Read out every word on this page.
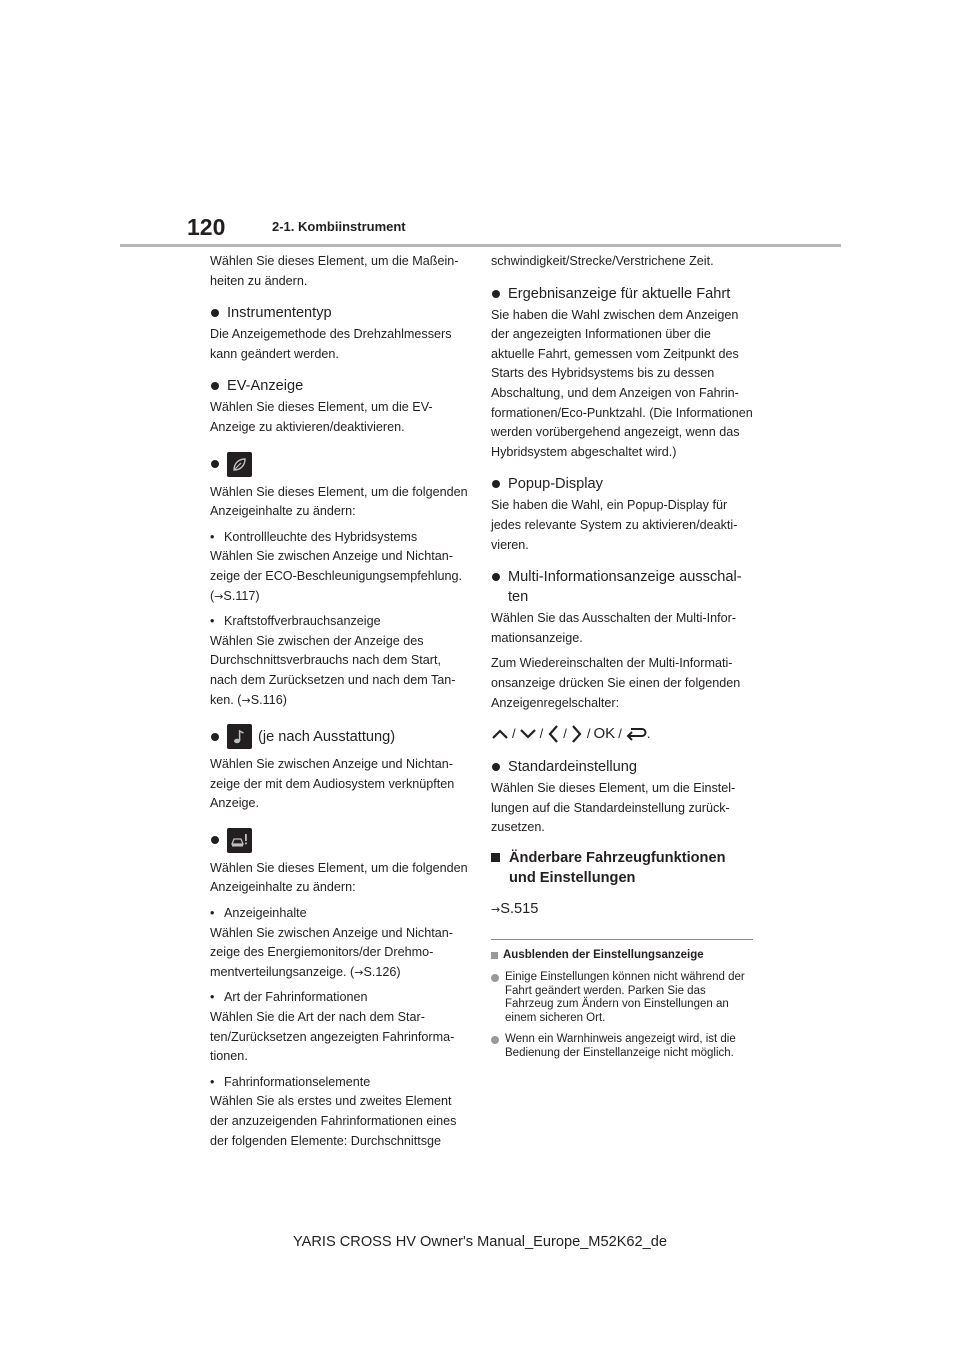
120	2-1. Kombiinstrument

Wählen Sie dieses Element, um die Maßeinheiten zu ändern.

Instrumententyp

Die Anzeigemethode des Drehzahlmessers kann geändert werden.

EV-Anzeige

Wählen Sie dieses Element, um die EV-Anzeige zu aktivieren/deaktivieren.

Wählen Sie dieses Element, um die folgenden Anzeigeinhalte zu ändern:

• Kontrollleuchte des Hybridsystems
Wählen Sie zwischen Anzeige und Nichtanzeige der ECO-Beschleunigungsempfehlung. (→S.117)
• Kraftstoffverbrauchsanzeige
Wählen Sie zwischen der Anzeige des Durchschnittsverbrauchs nach dem Start, nach dem Zurücksetzen und nach dem Tanken. (→S.116)
(je nach Ausstattung)

Wählen Sie zwischen Anzeige und Nichtanzeige der mit dem Audiosystem verknüpften Anzeige.

Wählen Sie dieses Element, um die folgenden Anzeigeinhalte zu ändern:

• Anzeigeinhalte
Wählen Sie zwischen Anzeige und Nichtanzeige des Energiemonitors/der Drehmomentverteilungsanzeige. (→S.126)
• Art der Fahrinformationen
Wählen Sie die Art der nach dem Starten/Zurücksetzen angezeigten Fahrinformationen.
• Fahrinformationselemente
Wählen Sie als erstes und zweites Element der anzuzeigenden Fahrinformationen eines der folgenden Elemente: Durchschnittsge

schwindigkeit/Strecke/Verstrichene Zeit.

Ergebnisanzeige für aktuelle Fahrt

Sie haben die Wahl zwischen dem Anzeigen der angezeigten Informationen über die aktuelle Fahrt, gemessen vom Zeitpunkt des Starts des Hybridsystems bis zu dessen Abschaltung, und dem Anzeigen von Fahrinformationen/Eco-Punktzahl. (Die Informationen werden vorübergehend angezeigt, wenn das Hybridsystem abgeschaltet wird.)

Popup-Display

Sie haben die Wahl, ein Popup-Display für jedes relevante System zu aktivieren/deaktivieren.

Multi-Informationsanzeige ausschalten

Wählen Sie das Ausschalten der Multi-Informationsanzeige.

Zum Wiedereinschalten der Multi-Informationsanzeige drücken Sie einen der folgenden Anzeigenregelschalter:

/ / / / OK / .
Standardeinstellung

Wählen Sie dieses Element, um die Einstellungen auf die Standardeinstellung zurückzusetzen.

Änderbare Fahrzeugfunktionen und Einstellungen
→S.515
Ausblenden der Einstellungsanzeige
Einige Einstellungen können nicht während der Fahrt geändert werden. Parken Sie das Fahrzeug zum Ändern von Einstellungen an einem sicheren Ort.
Wenn ein Warnhinweis angezeigt wird, ist die Bedienung der Einstellanzeige nicht möglich.
YARIS CROSS HV Owner's Manual_Europe_M52K62_de
